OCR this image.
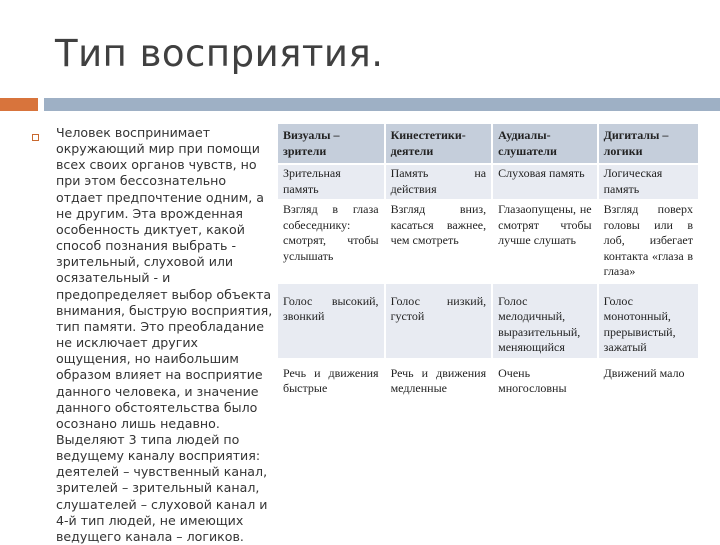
Тип восприятия.
Человек воспринимает окружающий мир при помощи всех своих органов чувств, но при этом бессознательно отдает предпочтение одним, а не другим. Эта врожденная особенность диктует, какой способ познания выбрать - зрительный, слуховой или осязательный - и предопределяет выбор объекта внимания, быструю восприятия, тип памяти. Это преобладание не исключает других ощущения, но наибольшим образом влияет на восприятие данного человека, и значение данного обстоятельства было осознано лишь недавно. Выделяют 3 типа людей по ведущему каналу восприятия: деятелей – чувственный канал, зрителей – зрительный канал, слушателей – слуховой канал и 4-й тип людей, не имеющих ведущего канала – логиков.
Визуалы – зрители	Кинестетики-деятели	Аудиалы-слушатели	Дигиталы – логики
Зрительная память	Память на действия	Слуховая память	Логическая память
Взгляд в глаза собеседнику: смотрят, чтобы услышать	Взгляд вниз, касаться важнее, чем смотреть	Глазаопущены, не смотрят чтобы лучше слушать	Взгляд поверх головы или в лоб, избегает контакта «глаза в глаза»
Голос высокий, звонкий	Голос низкий, густой	Голос мелодичный, выразительный, меняющийся	Голос монотонный, прерывистый, зажатый
Речь и движения быстрые	Речь и движения медленные	Очень многословны	Движений мало
